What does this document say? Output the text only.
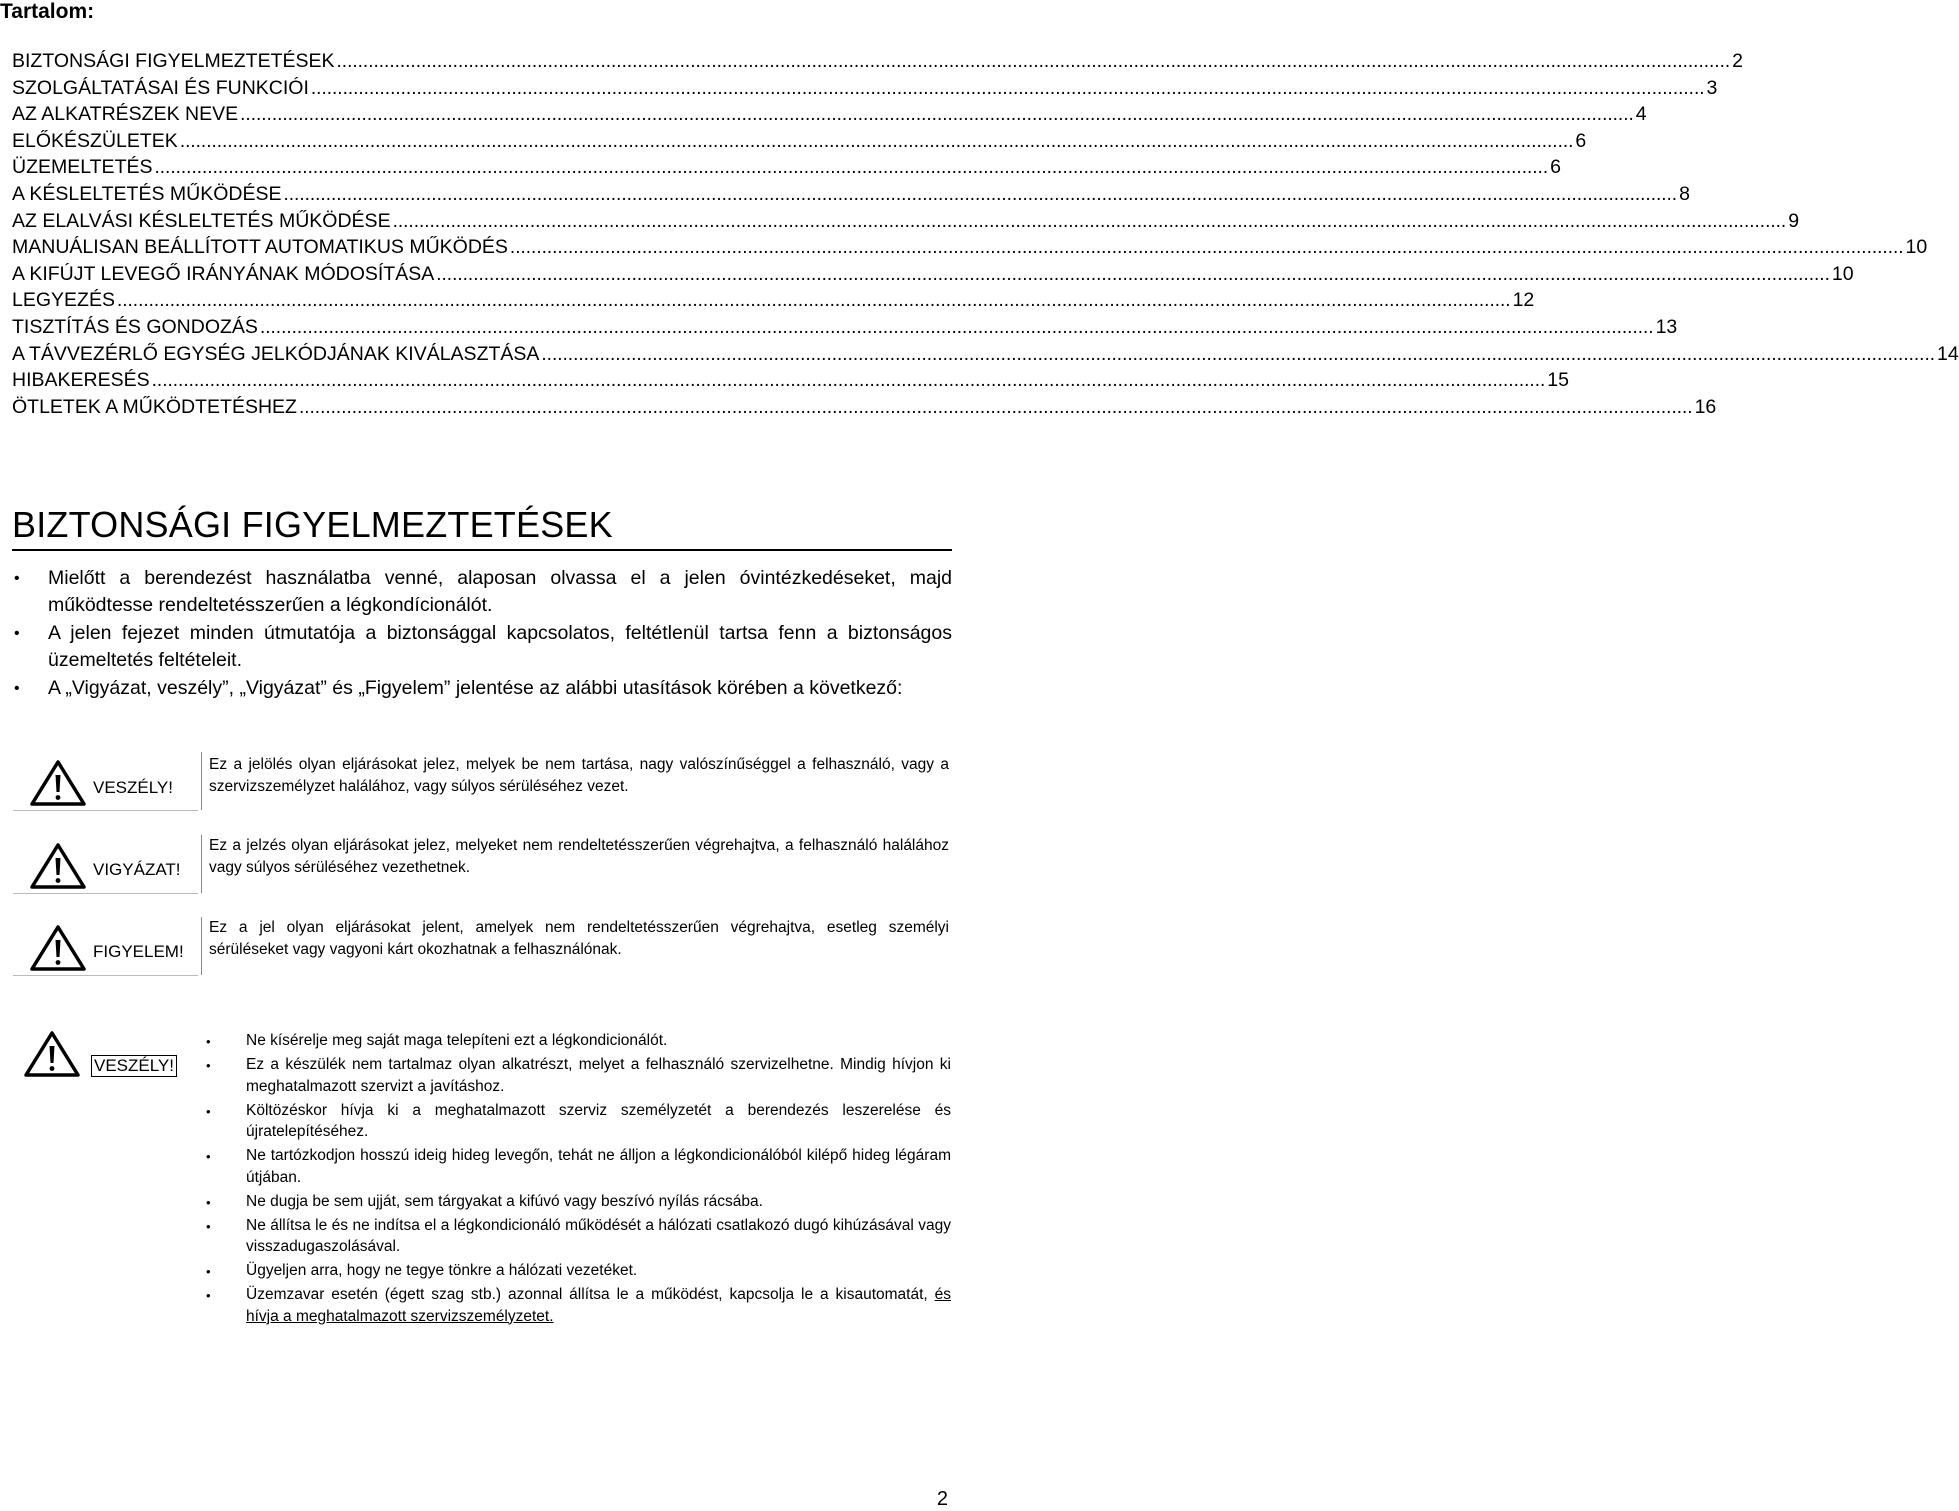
Tartalom:
BIZTONSÁGI FIGYELMEZTETÉSEK ........................................................................................................................................................................................................................................................................ 2
SZOLGÁLTATÁSAI ÉS FUNKCIÓI ........................................................................................................................................................................................................................................................................ 3
AZ ALKATRÉSZEK NEVE ........................................................................................................................................................................................................................................................................ 4
ELŐKÉSZÜLETEK ........................................................................................................................................................................................................................................................................ 6
ÜZEMELTETÉS ........................................................................................................................................................................................................................................................................ 6
A KÉSLELTETÉS MŰKÖDÉSE ........................................................................................................................................................................................................................................................................ 8
AZ ELALVÁSI KÉSLELTETÉS MŰKÖDÉSE ........................................................................................................................................................................................................................................................................ 9
MANUÁLISAN BEÁLLÍTOTT AUTOMATIKUS MŰKÖDÉS ........................................................................................................................................................................................................................................................................ 10
A KIFÚJT LEVEGŐ IRÁNYÁNAK MÓDOSÍTÁSA ........................................................................................................................................................................................................................................................................ 10
LEGYEZÉS ........................................................................................................................................................................................................................................................................ 12
TISZTÍTÁS ÉS GONDOZÁS ........................................................................................................................................................................................................................................................................ 13
A TÁVVEZÉRLŐ EGYSÉG JELKÓDJÁNAK KIVÁLASZTÁSA ........................................................................................................................................................................................................................................................................ 14
HIBAKERESÉS ........................................................................................................................................................................................................................................................................ 15
ÖTLETEK A MŰKÖDTETÉSHEZ ........................................................................................................................................................................................................................................................................ 16
BIZTONSÁGI FIGYELMEZTETÉSEK
• Mielőtt a berendezést használatba venné, alaposan olvassa el a jelen óvintézkedéseket, majd működtesse rendeltetésszerűen a légkondícionálót.
• A jelen fejezet minden útmutatója a biztonsággal kapcsolatos, feltétlenül tartsa fenn a biztonságos üzemeltetés feltételeit.
• A „Vigyázat, veszély”, „Vigyázat” és „Figyelem” jelentése az alábbi utasítások körében a következő:
VESZÉLY!
Ez a jelölés olyan eljárásokat jelez, melyek be nem tartása, nagy valószínűséggel a felhasználó, vagy a szervizszemélyzet halálához, vagy súlyos sérüléséhez vezet.
VIGYÁZAT!
Ez a jelzés olyan eljárásokat jelez, melyeket nem rendeltetésszerűen végrehajtva, a felhasználó halálához vagy súlyos sérüléséhez vezethetnek.
FIGYELEM!
Ez a jel olyan eljárásokat jelent, amelyek nem rendeltetésszerűen végrehajtva, esetleg személyi sérüléseket vagy vagyoni kárt okozhatnak a felhasználónak.
VESZÉLY!
• Ne kísérelje meg saját maga telepíteni ezt a légkondicionálót.
• Ez a készülék nem tartalmaz olyan alkatrészt, melyet a felhasználó szervizelhetne. Mindig hívjon ki meghatalmazott szervizt a javításhoz.
• Költözéskor hívja ki a meghatalmazott szerviz személyzetét a berendezés leszerelése és újratelepítéséhez.
• Ne tartózkodjon hosszú ideig hideg levegőn, tehát ne álljon a légkondicionálóból kilépő hideg légáram útjában.
• Ne dugja be sem ujját, sem tárgyakat a kifúvó vagy beszívó nyílás rácsába.
• Ne állítsa le és ne indítsa el a légkondicionáló működését a hálózati csatlakozó dugó kihúzásával vagy visszadugaszolásával.
• Ügyeljen arra, hogy ne tegye tönkre a hálózati vezetéket.
• Üzemzavar esetén (égett szag stb.) azonnal állítsa le a működést, kapcsolja le a kisautomatát, és hívja a meghatalmazott szervizszemélyzetet.
2
